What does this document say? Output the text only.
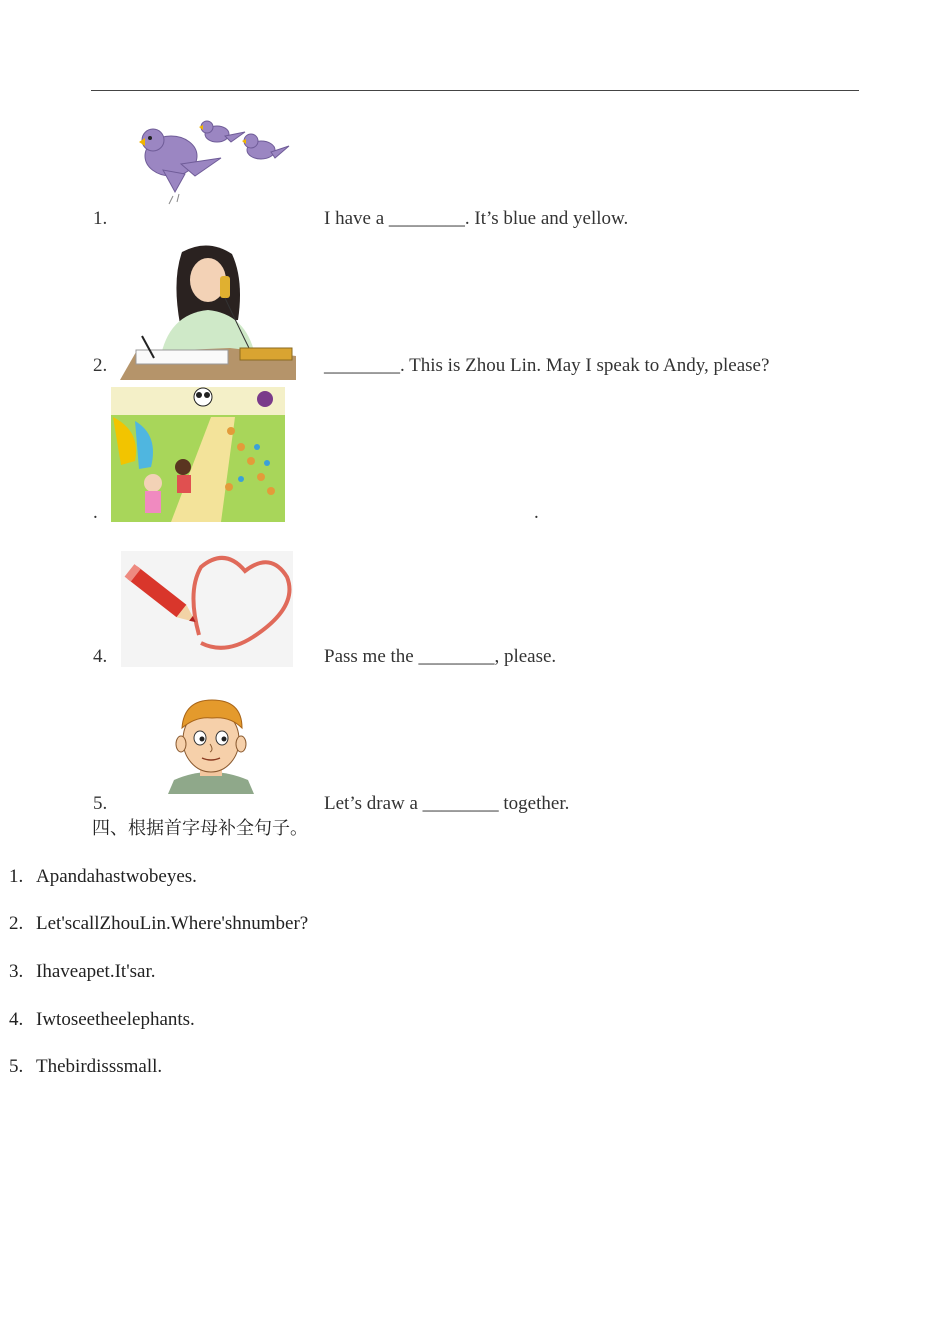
1.	I have a ________. It’s blue and yellow.
2.	________. This is Zhou Lin. May I speak to Andy, please?
.	.
4.	Pass me the ________, please.
5.	Let’s draw a ________ together.
四、根据首字母补全句子。
1. Apandahastwobeyes.
2. Let'scallZhouLin.Where'shnumber?
3. Ihaveapet.It'sar.
4. Iwtoseetheelephants.
5. Thebirdisssmall.
